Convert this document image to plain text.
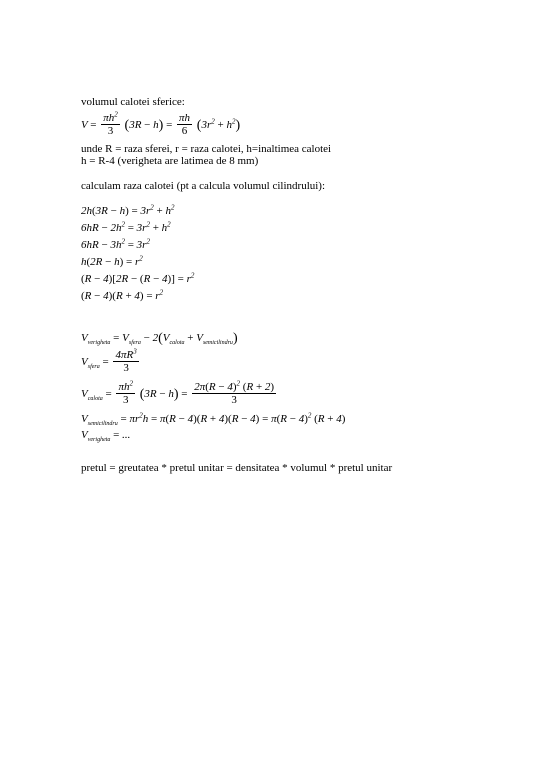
volumul calotei sferice:
$V = \frac{\pi h^2}{3} (3R - h) = \frac{\pi h}{6} (3r^2 + h^2)$
unde R = raza sferei, r = raza calotei, h=inaltimea calotei
h = R-4 (verigheta are latimea de 8 mm)
calculam raza calotei (pt a calcula volumul cilindrului):
$2h(3R - h) = 3r^2 + h^2$
$6hR - 2h^2 = 3r^2 + h^2$
$6hR - 3h^2 = 3r^2$
$h(2R - h) = r^2$
$(R - 4)[2R - (R - 4)] = r^2$
$(R - 4)(R + 4) = r^2$
$V_{verigheta} = V_{sfera} - 2(V_{calota} + V_{semicilindru})$
$V_{sfera} = \frac{4\pi R^3}{3}$
$V_{calota} = \frac{\pi h^2}{3} (3R - h) = \frac{2\pi(R - 4)^2 (R + 2)}{3}$
$V_{semicilindru} = \pi r^2h = \pi(R - 4)(R + 4)(R - 4) = \pi(R - 4)^2$ (R + 4)
$V_{verigheta}$ = ...
pretul = greutatea * pretul unitar = densitatea * volumul * pretul unitar
